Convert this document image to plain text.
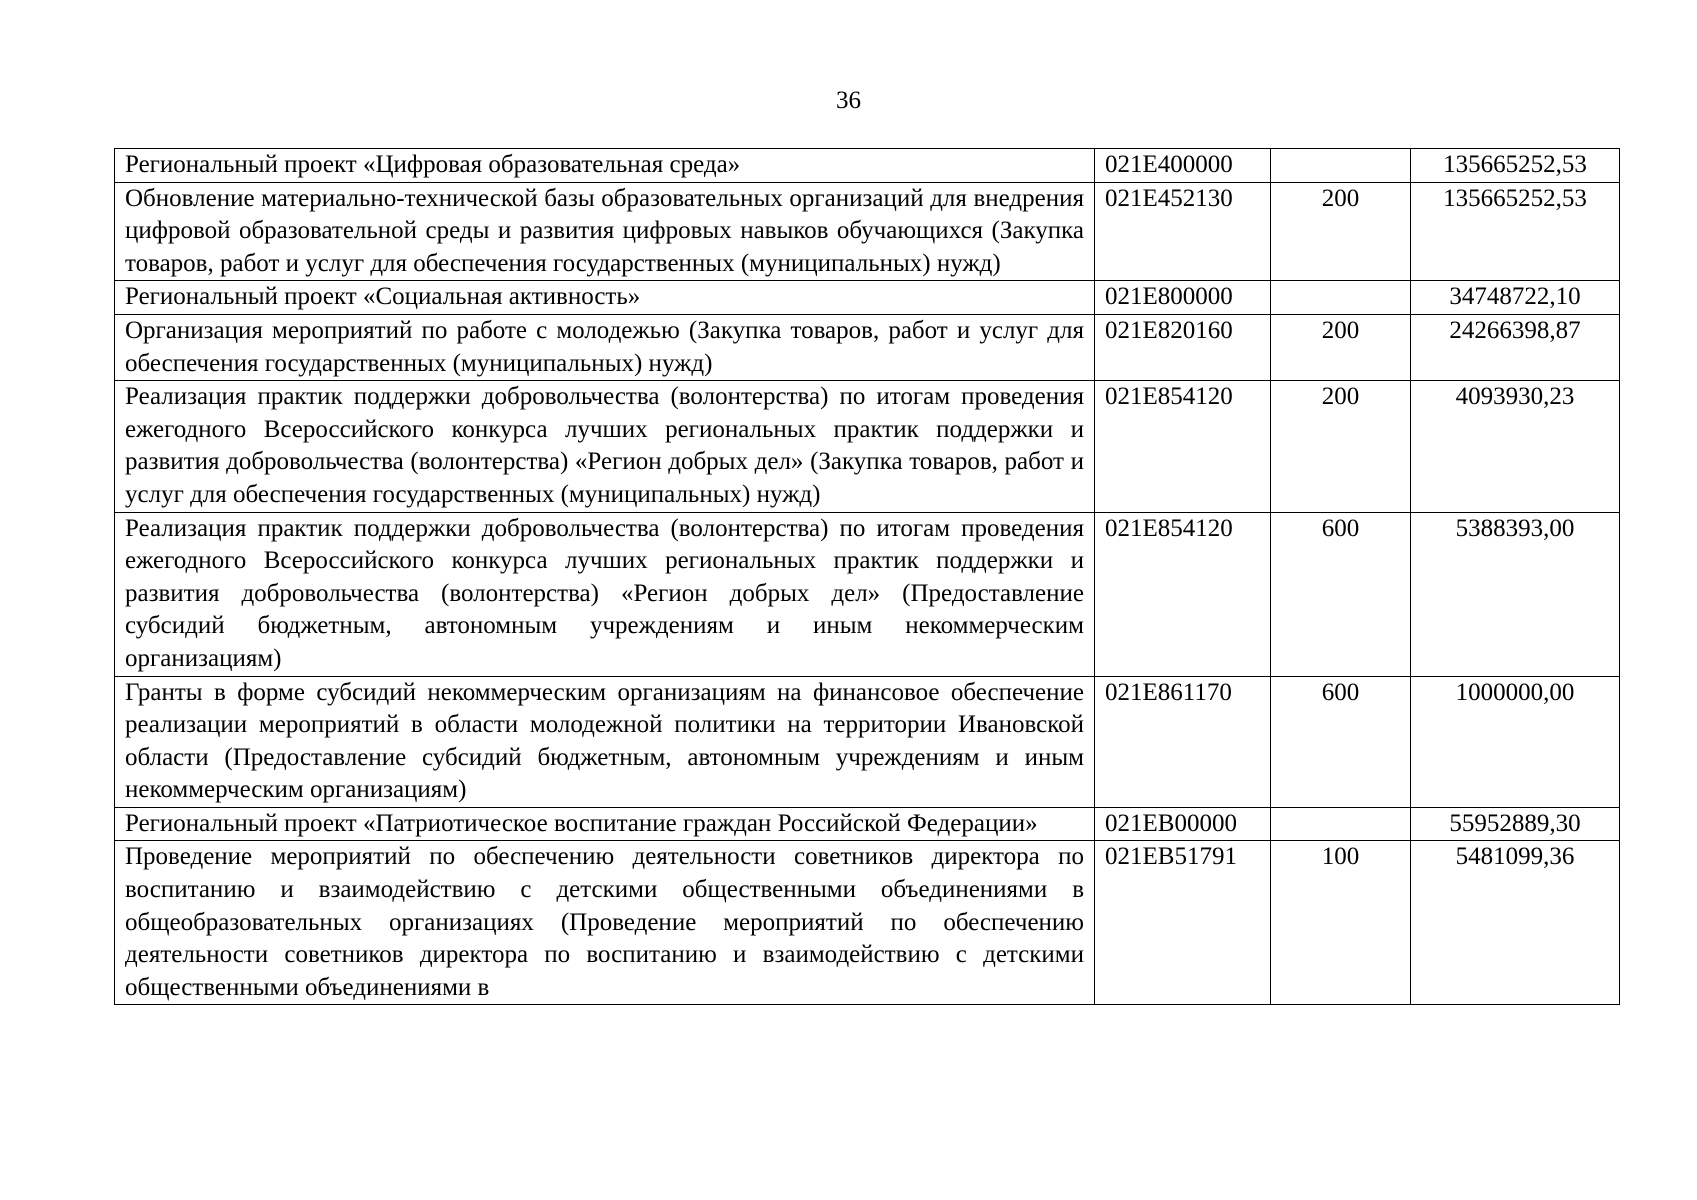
36
Региональный проект «Цифровая образовательная среда»	021E400000		135665252,53
Обновление материально-технической базы образовательных организаций для внедрения цифровой образовательной среды и развития цифровых навыков обучающихся (Закупка товаров, работ и услуг для обеспечения государственных (муниципальных) нужд)	021E452130	200	135665252,53
Региональный проект «Социальная активность»	021E800000		34748722,10
Организация мероприятий по работе с молодежью (Закупка товаров, работ и услуг для обеспечения государственных (муниципальных) нужд)	021E820160	200	24266398,87
Реализация практик поддержки добровольчества (волонтерства) по итогам проведения ежегодного Всероссийского конкурса лучших региональных практик поддержки и развития добровольчества (волонтерства) «Регион добрых дел» (Закупка товаров, работ и услуг для обеспечения государственных (муниципальных) нужд)	021E854120	200	4093930,23
Реализация практик поддержки добровольчества (волонтерства) по итогам проведения ежегодного Всероссийского конкурса лучших региональных практик поддержки и развития добровольчества (волонтерства) «Регион добрых дел» (Предоставление субсидий бюджетным, автономным учреждениям и иным некоммерческим организациям)	021E854120	600	5388393,00
Гранты в форме субсидий некоммерческим организациям на финансовое обеспечение реализации мероприятий в области молодежной политики на территории Ивановской области (Предоставление субсидий бюджетным, автономным учреждениям и иным некоммерческим организациям)	021E861170	600	1000000,00
Региональный проект «Патриотическое воспитание граждан Российской Федерации»	021EB00000		55952889,30
Проведение мероприятий по обеспечению деятельности советников директора по воспитанию и взаимодействию с детскими общественными объединениями в общеобразовательных организациях (Проведение мероприятий по обеспечению деятельности советников директора по воспитанию и взаимодействию с детскими общественными объединениями в	021EB51791	100	5481099,36
